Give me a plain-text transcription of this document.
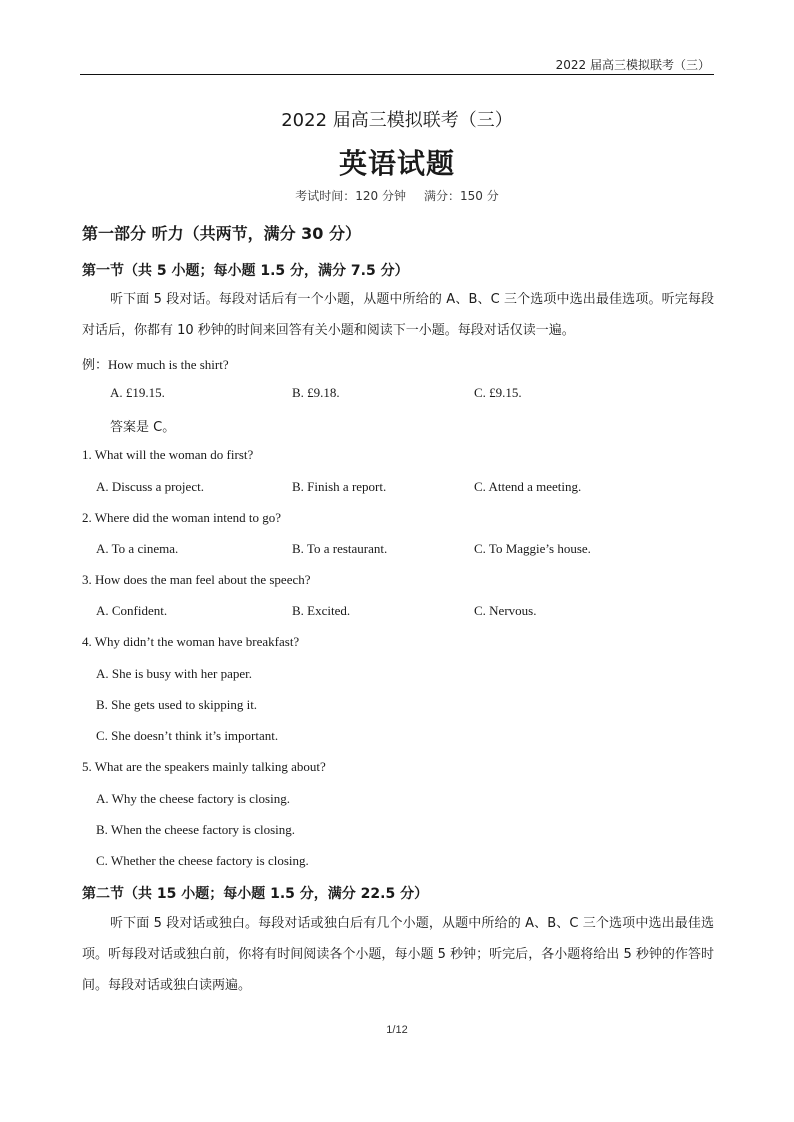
2022 届高三模拟联考（三）
2022 届高三模拟联考（三）
英语试题
考试时间：120 分钟 满分：150 分
第一部分 听力（共两节，满分 30 分）
第一节（共 5 小题；每小题 1.5 分，满分 7.5 分）
听下面 5 段对话。每段对话后有一个小题，从题中所给的 A、B、C 三个选项中选出最佳选项。听完每段对话后，你都有 10 秒钟的时间来回答有关小题和阅读下一小题。每段对话仅读一遍。
例：How much is the shirt?
A. £19.15.	B. £9.18.	C. £9.15.
答案是 C。
1. What will the woman do first?
A. Discuss a project.	B. Finish a report.	C. Attend a meeting.
2. Where did the woman intend to go?
A. To a cinema.	B. To a restaurant.	C. To Maggie’s house.
3. How does the man feel about the speech?
A. Confident.	B. Excited.	C. Nervous.
4. Why didn’t the woman have breakfast?
A. She is busy with her paper.
B. She gets used to skipping it.
C. She doesn’t think it’s important.
5. What are the speakers mainly talking about?
A. Why the cheese factory is closing.
B. When the cheese factory is closing.
C. Whether the cheese factory is closing.
第二节（共 15 小题；每小题 1.5 分，满分 22.5 分）
听下面 5 段对话或独白。每段对话或独白后有几个小题，从题中所给的 A、B、C 三个选项中选出最佳选项。听每段对话或独白前，你将有时间阅读各个小题，每小题 5 秒钟；听完后，各小题将给出 5 秒钟的作答时间。每段对话或独白读两遍。
1/12
